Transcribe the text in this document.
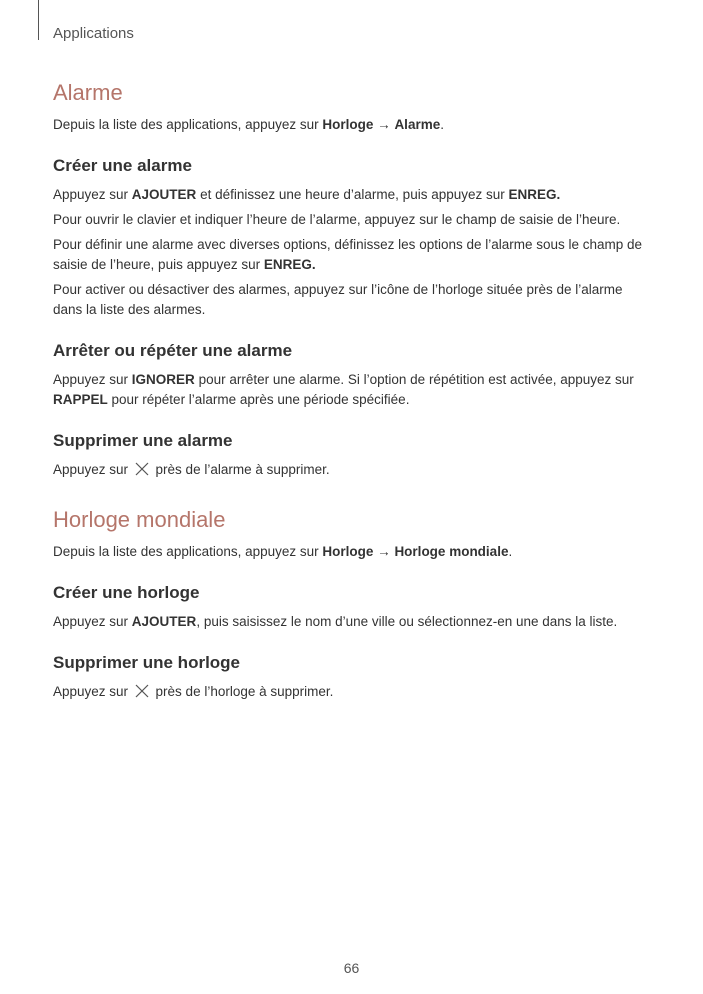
Applications
Alarme

Depuis la liste des applications, appuyez sur Horloge → Alarme.

Créer une alarme

Appuyez sur AJOUTER et définissez une heure d’alarme, puis appuyez sur ENREG.

Pour ouvrir le clavier et indiquer l’heure de l’alarme, appuyez sur le champ de saisie de l’heure.

Pour définir une alarme avec diverses options, définissez les options de l’alarme sous le champ de saisie de l’heure, puis appuyez sur ENREG.

Pour activer ou désactiver des alarmes, appuyez sur l’icône de l’horloge située près de l’alarme dans la liste des alarmes.

Arrêter ou répéter une alarme

Appuyez sur IGNORER pour arrêter une alarme. Si l’option de répétition est activée, appuyez sur RAPPEL pour répéter l’alarme après une période spécifiée.

Supprimer une alarme

Appuyez sur  près de l’alarme à supprimer.

Horloge mondiale

Depuis la liste des applications, appuyez sur Horloge → Horloge mondiale.

Créer une horloge

Appuyez sur AJOUTER, puis saisissez le nom d’une ville ou sélectionnez-en une dans la liste.

Supprimer une horloge

Appuyez sur  près de l’horloge à supprimer.

66
